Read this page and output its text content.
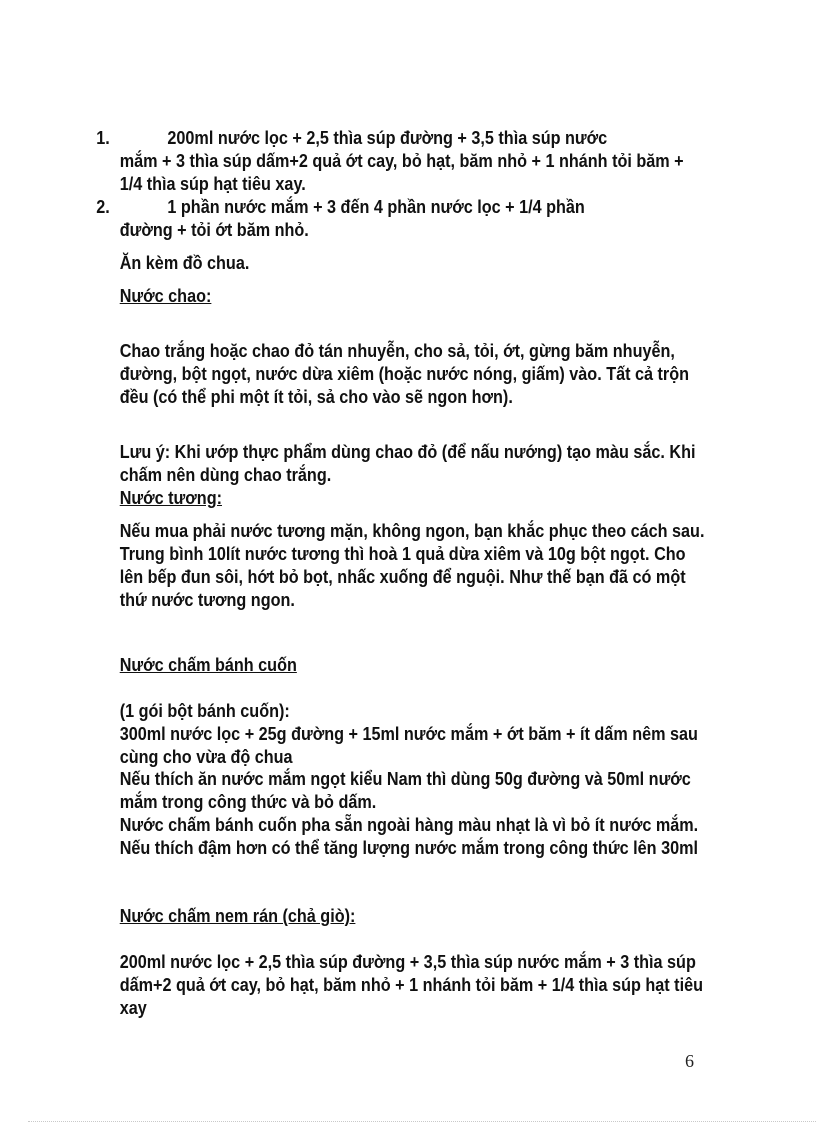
1.	200ml nước lọc + 2,5 thìa súp đường + 3,5 thìa súp nước
mắm + 3 thìa súp dấm+2 quả ớt cay, bỏ hạt, băm nhỏ + 1 nhánh tỏi băm + 1/4 thìa súp hạt tiêu xay.
2.	1 phần nước mắm + 3 đến 4 phần nước lọc + 1/4 phần
đường + tỏi ớt băm nhỏ.

Ăn kèm đồ chua.

Nước chao:

Chao trắng hoặc chao đỏ tán nhuyễn, cho sả, tỏi, ớt, gừng băm nhuyễn, đường, bột ngọt, nước dừa xiêm (hoặc nước nóng, giấm) vào. Tất cả trộn đều (có thể phi một ít tỏi, sả cho vào sẽ ngon hơn).

Lưu ý: Khi ướp thực phẩm dùng chao đỏ (để nấu nướng) tạo màu sắc. Khi chấm nên dùng chao trắng.

Nước tương:

Nếu mua phải nước tương mặn, không ngon, bạn khắc phục theo cách sau. Trung bình 10lít nước tương thì hoà 1 quả dừa xiêm và 10g bột ngọt. Cho lên bếp đun sôi, hớt bỏ bọt, nhấc xuống để nguội. Như thế bạn đã có một thứ nước tương ngon.

Nước chấm bánh cuốn

(1 gói bột bánh cuốn):

300ml nước lọc + 25g đường + 15ml nước mắm + ớt băm + ít dấm nêm sau cùng cho vừa độ chua

Nếu thích ăn nước mắm ngọt kiểu Nam thì dùng 50g đường và 50ml nước mắm trong công thức và bỏ dấm.

Nước chấm bánh cuốn pha sẵn ngoài hàng màu nhạt là vì bỏ ít nước mắm. Nếu thích đậm hơn có thể tăng lượng nước mắm trong công thức lên 30ml

Nước chấm nem rán (chả giò):

200ml nước lọc + 2,5 thìa súp đường + 3,5 thìa súp nước mắm + 3 thìa súp dấm+2 quả ớt cay, bỏ hạt, băm nhỏ + 1 nhánh tỏi băm + 1/4 thìa súp hạt tiêu xay

6
